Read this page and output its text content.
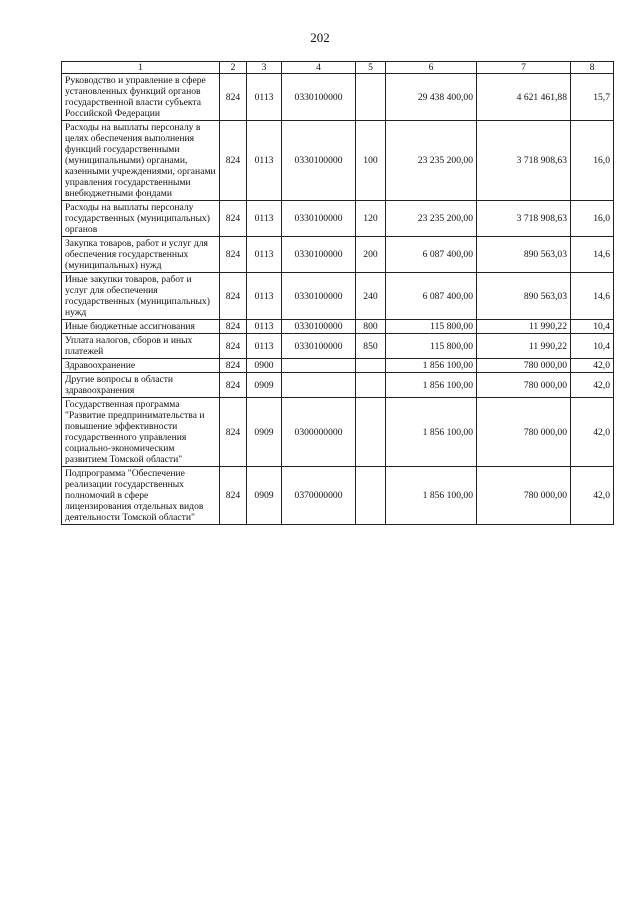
202
1	2	3	4	5	6	7	8
Руководство и управление в сфере установленных функций органов государственной власти субъекта Российской Федерации	824	0113	0330100000		29 438 400,00	4 621 461,88	15,7
Расходы на выплаты персоналу в целях обеспечения выполнения функций государственными (муниципальными) органами, казенными учреждениями, органами управления государственными внебюджетными фондами	824	0113	0330100000	100	23 235 200,00	3 718 908,63	16,0
Расходы на выплаты персоналу государственных (муниципальных) органов	824	0113	0330100000	120	23 235 200,00	3 718 908,63	16,0
Закупка товаров, работ и услуг для обеспечения государственных (муниципальных) нужд	824	0113	0330100000	200	6 087 400,00	890 563,03	14,6
Иные закупки товаров, работ и услуг для обеспечения государственных (муниципальных) нужд	824	0113	0330100000	240	6 087 400,00	890 563,03	14,6
Иные бюджетные ассигнования	824	0113	0330100000	800	115 800,00	11 990,22	10,4
Уплата налогов, сборов и иных платежей	824	0113	0330100000	850	115 800,00	11 990,22	10,4
Здравоохранение	824	0900			1 856 100,00	780 000,00	42,0
Другие вопросы в области здравоохранения	824	0909			1 856 100,00	780 000,00	42,0
Государственная программа "Развитие предпринимательства и повышение эффективности государственного управления социально-экономическим развитием Томской области"	824	0909	0300000000		1 856 100,00	780 000,00	42,0
Подпрограмма "Обеспечение реализации государственных полномочий в сфере лицензирования отдельных видов деятельности Томской области"	824	0909	0370000000		1 856 100,00	780 000,00	42,0
